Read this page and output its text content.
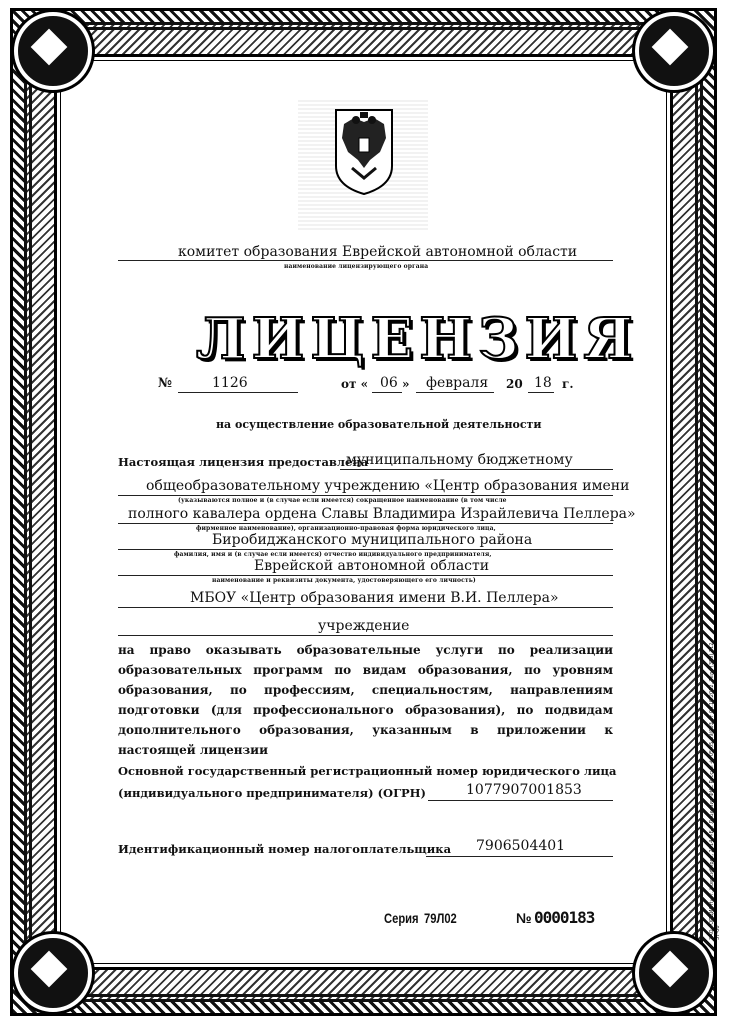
комитет образования Еврейской автономной области
наименование лицензирующего органа
ЛИЦЕНЗИЯ
№	1126	от « 06 » февраля 20 18 г.
на осуществление образовательной деятельности
Настоящая лицензия предоставлена
муниципальному бюджетному
общеобразовательному учреждению «Центр образования имени
(указываются полное и (в случае если имеется) сокращенное наименование (в том числе
полного кавалера ордена Славы Владимира Израйлевича Пеллера»
фирменное наименование), организационно-правовая форма юридического лица,
Биробиджанского муниципального района
фамилия, имя и (в случае если имеется) отчество индивидуального предпринимателя,
Еврейской автономной области
наименование и реквизиты документа, удостоверяющего его личность)
МБОУ «Центр образования имени В.И. Пеллера»
учреждение
на право оказывать образовательные услуги по реализации образовательных программ по видам образования, по уровням образования, по профессиям, специальностям, направлениям подготовки (для профессионального образования), по подвидам дополнительного образования, указанным в приложении к настоящей лицензии
Основной государственный регистрационный номер юридического лица
(индивидуального предпринимателя) (ОГРН)	1077907001853
Идентификационный номер налогоплательщика 7906504401
Серия 79Л02	№ 0000183	ЗАО «ОПЦИОН», г. Новосибирск, 2014. «Б». Лицензия ФНС России № 05-05-09/003 от 04.10.2012. Тел.: (383) 212-57-00
